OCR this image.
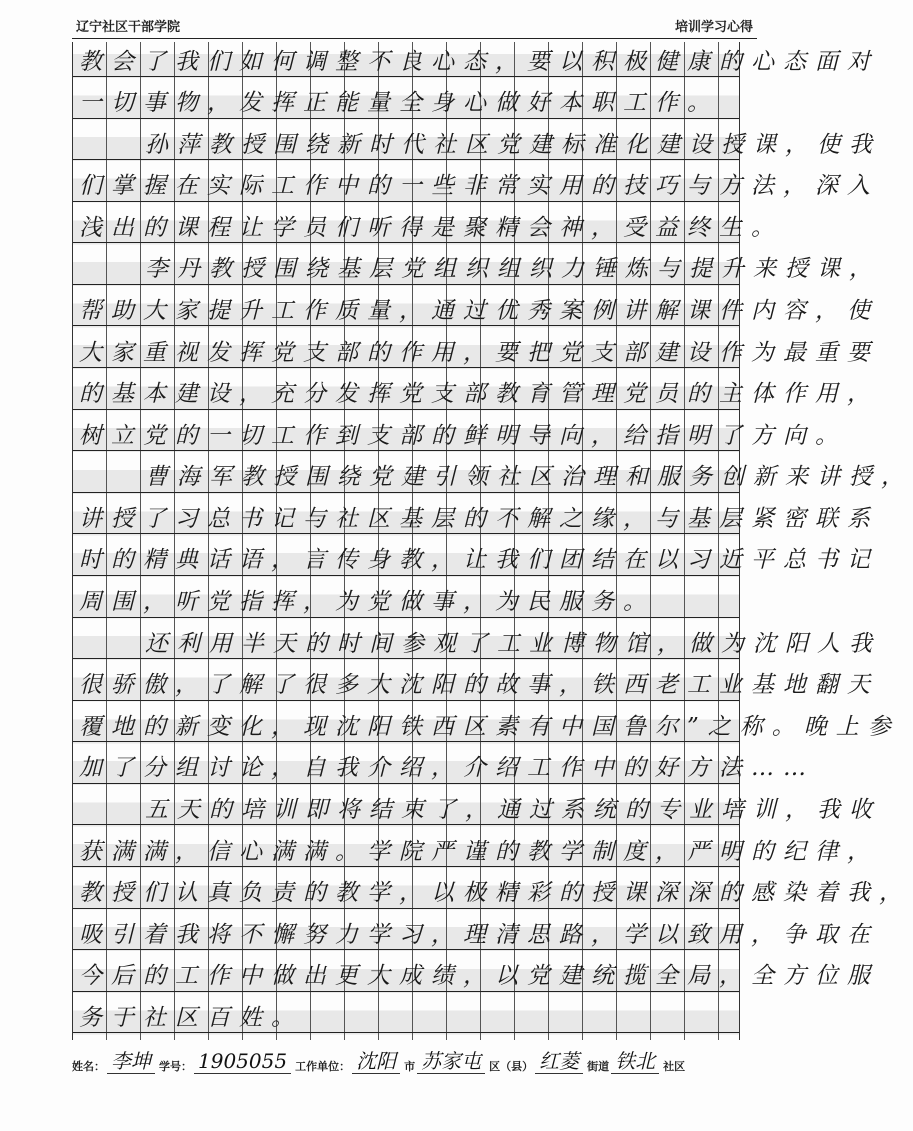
辽宁社区干部学院	培训学习心得
教会了我们如何调整不良心态，要以积极健康的心态面对
一切事物，发挥正能量全身心做好本职工作。
孙萍教授围绕新时代社区党建标准化建设授课，使我
们掌握在实际工作中的一些非常实用的技巧与方法，深入
浅出的课程让学员们听得是聚精会神，受益终生。
李丹教授围绕基层党组织组织力锤炼与提升来授课，
帮助大家提升工作质量，通过优秀案例讲解课件内容，使
大家重视发挥党支部的作用，要把党支部建设作为最重要
的基本建设，充分发挥党支部教育管理党员的主体作用，
树立党的一切工作到支部的鲜明导向，给指明了方向。
曹海军教授围绕党建引领社区治理和服务创新来讲授，
讲授了习总书记与社区基层的不解之缘，与基层紧密联系
时的精典话语，言传身教，让我们团结在以习近平总书记
周围，听党指挥，为党做事，为民服务。
还利用半天的时间参观了工业博物馆，做为沈阳人我
很骄傲，了解了很多大沈阳的故事，铁西老工业基地翻天
覆地的新变化，现沈阳铁西区素有中国鲁尔”之称。晚上参
加了分组讨论，自我介绍，介绍工作中的好方法……
五天的培训即将结束了，通过系统的专业培训，我收
获满满，信心满满。学院严谨的教学制度，严明的纪律，
教授们认真负责的教学，以极精彩的授课深深的感染着我，
吸引着我将不懈努力学习，理清思路，学以致用，争取在
今后的工作中做出更大成绩，以党建统揽全局，全方位服
务于社区百姓。
姓名： 李坤 学号： 1905055 工作单位： 沈阳 市 苏家屯 区（县） 红菱 街道 铁北 社区
